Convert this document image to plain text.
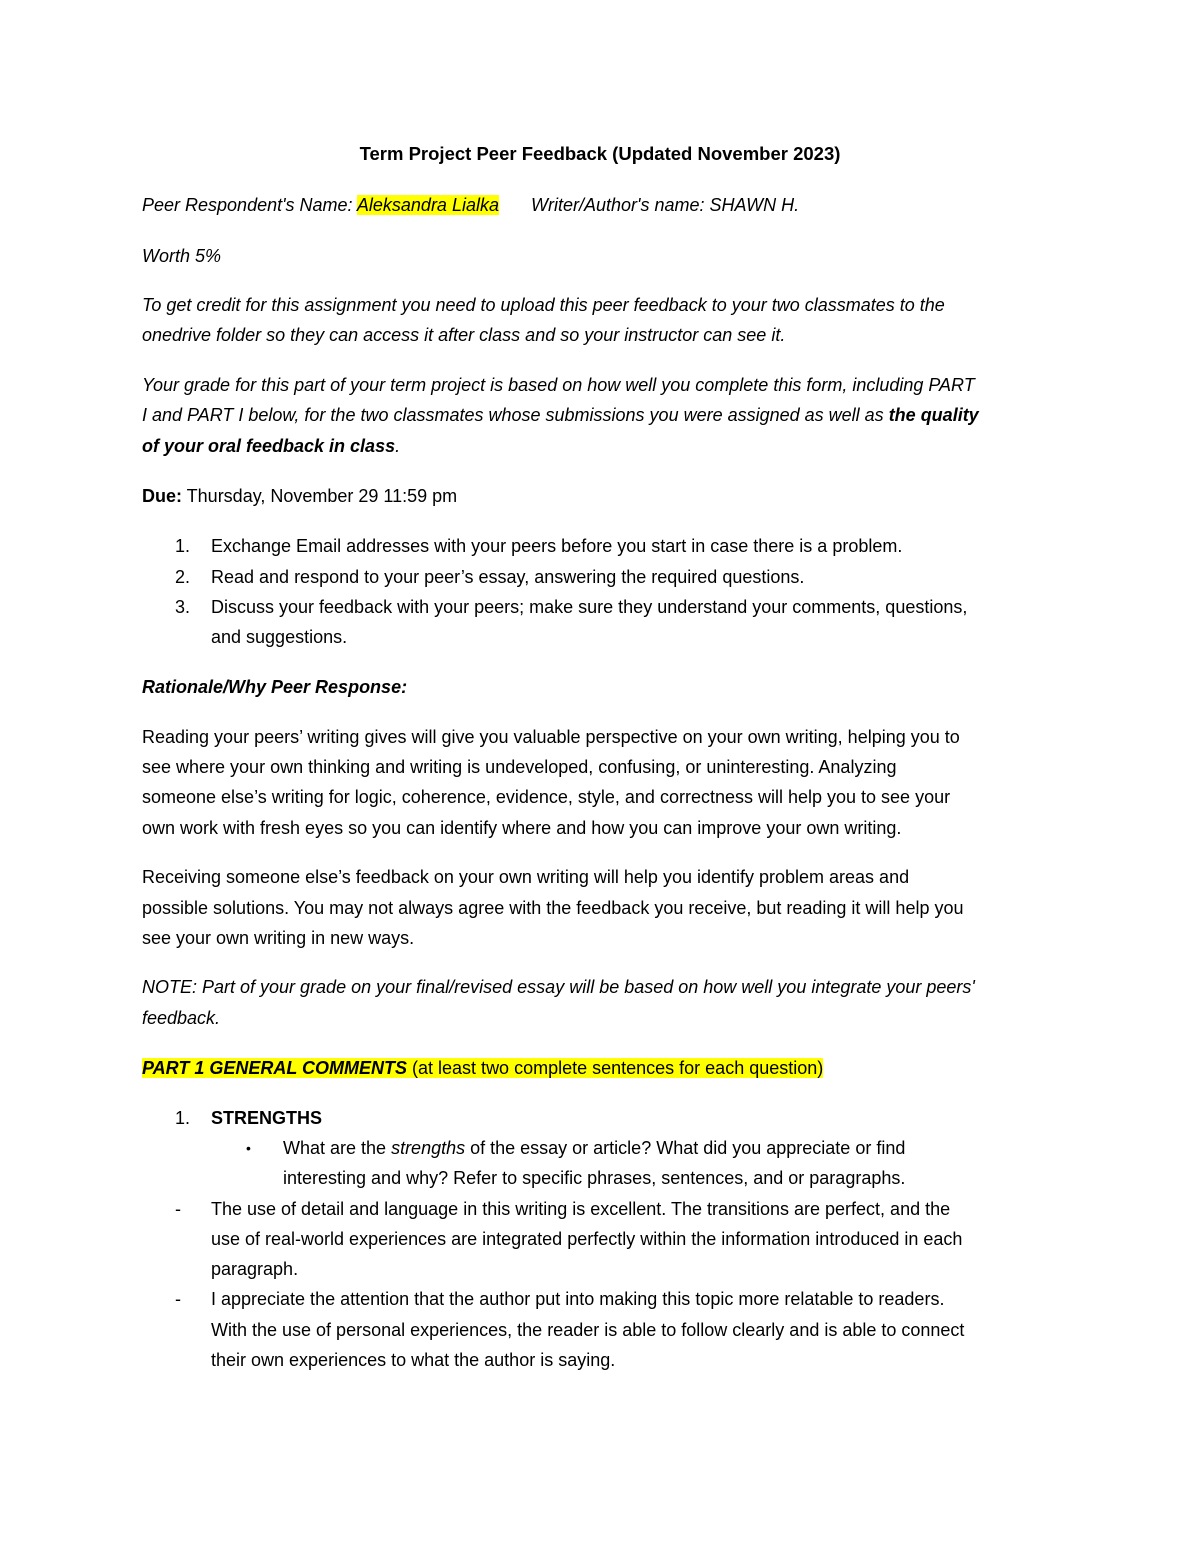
Term Project Peer Feedback (Updated November 2023)
Peer Respondent's Name: Aleksandra Lialka Writer/Author's name: SHAWN H.
Worth 5%
To get credit for this assignment you need to upload this peer feedback to your two classmates to the
onedrive folder so they can access it after class and so your instructor can see it.
Your grade for this part of your term project is based on how well you complete this form, including PART
I and PART I below, for the two classmates whose submissions you were assigned as well as the quality
of your oral feedback in class.
Due: Thursday, November 29 11:59 pm
1. Exchange Email addresses with your peers before you start in case there is a problem.
2. Read and respond to your peer’s essay, answering the required questions.
3. Discuss your feedback with your peers; make sure they understand your comments, questions,
and suggestions.
Rationale/Why Peer Response:
Reading your peers’ writing gives will give you valuable perspective on your own writing, helping you to
see where your own thinking and writing is undeveloped, confusing, or uninteresting. Analyzing
someone else’s writing for logic, coherence, evidence, style, and correctness will help you to see your
own work with fresh eyes so you can identify where and how you can improve your own writing.
Receiving someone else’s feedback on your own writing will help you identify problem areas and
possible solutions. You may not always agree with the feedback you receive, but reading it will help you
see your own writing in new ways.
NOTE: Part of your grade on your final/revised essay will be based on how well you integrate your peers'
feedback.
PART 1 GENERAL COMMENTS (at least two complete sentences for each question)
1. STRENGTHS
• What are the strengths of the essay or article? What did you appreciate or find
interesting and why? Refer to specific phrases, sentences, and or paragraphs.
- The use of detail and language in this writing is excellent. The transitions are perfect, and the
use of real-world experiences are integrated perfectly within the information introduced in each
paragraph.
- I appreciate the attention that the author put into making this topic more relatable to readers.
With the use of personal experiences, the reader is able to follow clearly and is able to connect
their own experiences to what the author is saying.
